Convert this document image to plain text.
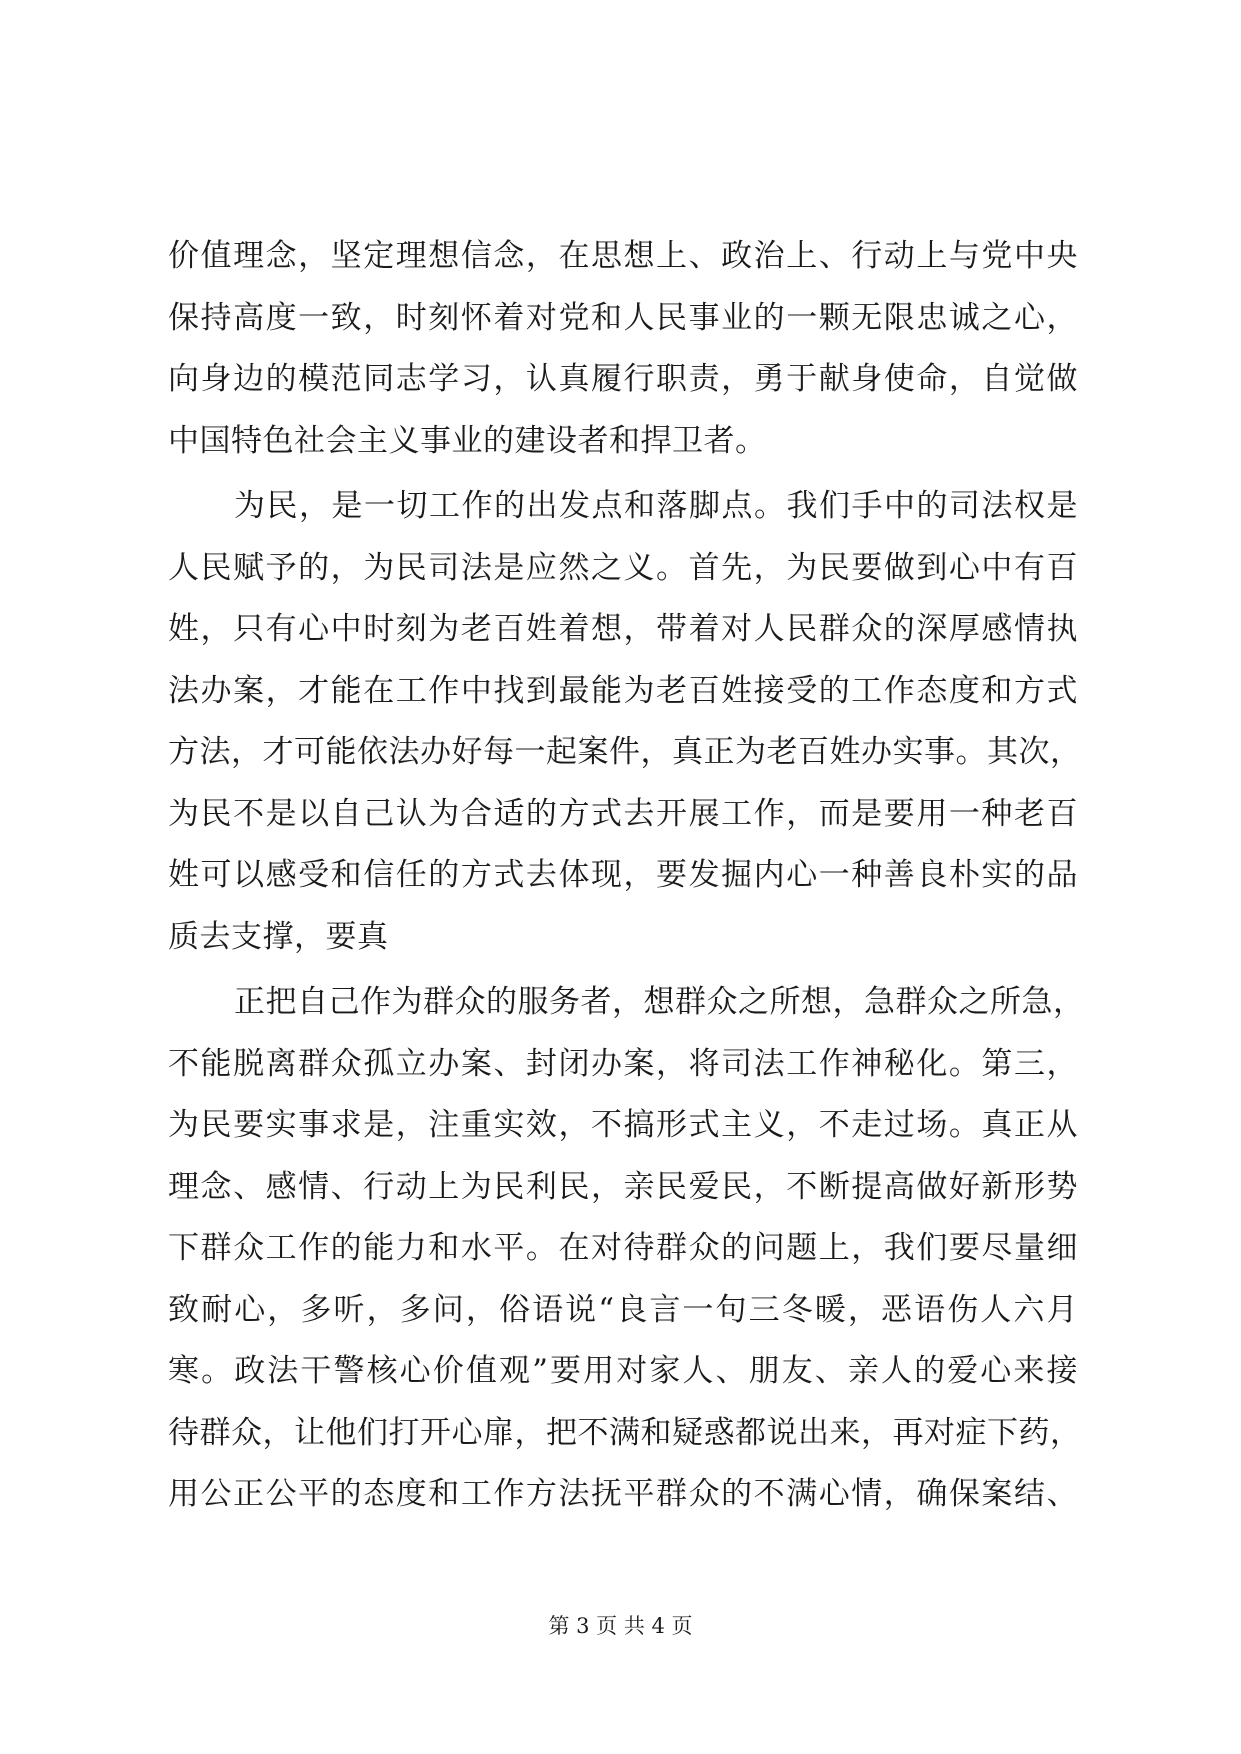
价值理念，坚定理想信念，在思想上、政治上、行动上与党中央
保持高度一致，时刻怀着对党和人民事业的一颗无限忠诚之心，
向身边的模范同志学习，认真履行职责，勇于献身使命，自觉做
中国特色社会主义事业的建设者和捍卫者。
为民，是一切工作的出发点和落脚点。我们手中的司法权是
人民赋予的，为民司法是应然之义。首先，为民要做到心中有百
姓，只有心中时刻为老百姓着想，带着对人民群众的深厚感情执
法办案，才能在工作中找到最能为老百姓接受的工作态度和方式
方法，才可能依法办好每一起案件，真正为老百姓办实事。其次，
为民不是以自己认为合适的方式去开展工作，而是要用一种老百
姓可以感受和信任的方式去体现，要发掘内心一种善良朴实的品
质去支撑，要真
正把自己作为群众的服务者，想群众之所想，急群众之所急，
不能脱离群众孤立办案、封闭办案，将司法工作神秘化。第三，
为民要实事求是，注重实效，不搞形式主义，不走过场。真正从
理念、感情、行动上为民利民，亲民爱民，不断提高做好新形势
下群众工作的能力和水平。在对待群众的问题上，我们要尽量细
致耐心，多听，多问，俗语说“良言一句三冬暖，恶语伤人六月
寒。政法干警核心价值观”要用对家人、朋友、亲人的爱心来接
待群众，让他们打开心扉，把不满和疑惑都说出来，再对症下药，
用公正公平的态度和工作方法抚平群众的不满心情，确保案结、
第 3 页 共 4 页
